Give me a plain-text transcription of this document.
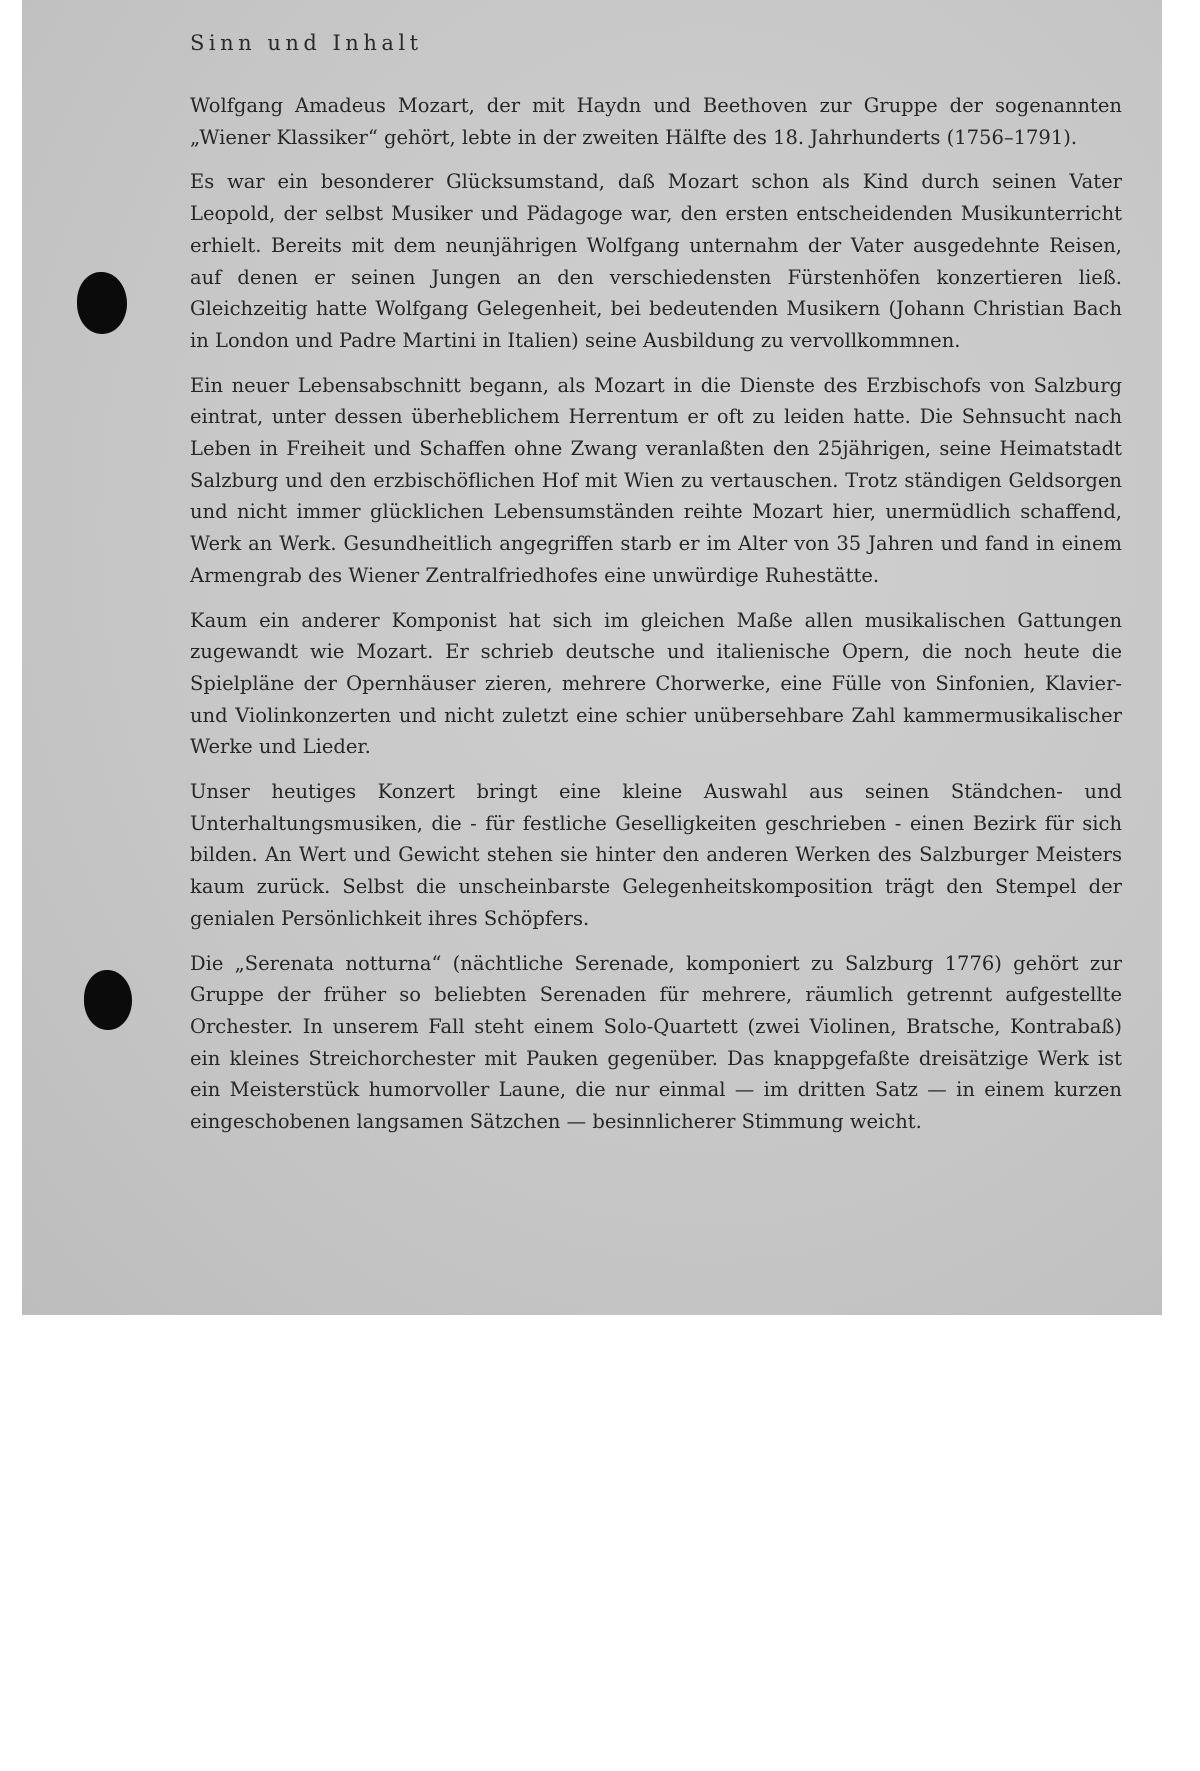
Sinn und Inhalt

Wolfgang Amadeus Mozart, der mit Haydn und Beethoven zur Gruppe der sogenannten „Wiener Klassiker“ gehört, lebte in der zweiten Hälfte des 18. Jahrhunderts (1756–1791).

Es war ein besonderer Glücksumstand, daß Mozart schon als Kind durch seinen Vater Leopold, der selbst Musiker und Pädagoge war, den ersten entscheidenden Musikunterricht erhielt. Bereits mit dem neunjährigen Wolfgang unternahm der Vater ausgedehnte Reisen, auf denen er seinen Jungen an den verschiedensten Fürstenhöfen konzertieren ließ. Gleichzeitig hatte Wolfgang Gelegenheit, bei bedeutenden Musikern (Johann Christian Bach in London und Padre Martini in Italien) seine Ausbildung zu vervollkommnen.

Ein neuer Lebensabschnitt begann, als Mozart in die Dienste des Erzbischofs von Salzburg eintrat, unter dessen überheblichem Herrentum er oft zu leiden hatte. Die Sehnsucht nach Leben in Freiheit und Schaffen ohne Zwang veranlaßten den 25jährigen, seine Heimatstadt Salzburg und den erzbischöflichen Hof mit Wien zu vertauschen. Trotz ständigen Geldsorgen und nicht immer glücklichen Lebensumständen reihte Mozart hier, unermüdlich schaffend, Werk an Werk. Gesundheitlich angegriffen starb er im Alter von 35 Jahren und fand in einem Armengrab des Wiener Zentralfriedhofes eine unwürdige Ruhestätte.

Kaum ein anderer Komponist hat sich im gleichen Maße allen musikalischen Gattungen zugewandt wie Mozart. Er schrieb deutsche und italienische Opern, die noch heute die Spielpläne der Opernhäuser zieren, mehrere Chorwerke, eine Fülle von Sinfonien, Klavier- und Violinkonzerten und nicht zuletzt eine schier unübersehbare Zahl kammermusikalischer Werke und Lieder.

Unser heutiges Konzert bringt eine kleine Auswahl aus seinen Ständchen- und Unterhaltungsmusiken, die - für festliche Geselligkeiten geschrieben - einen Bezirk für sich bilden. An Wert und Gewicht stehen sie hinter den anderen Werken des Salzburger Meisters kaum zurück. Selbst die unscheinbarste Gelegenheitskomposition trägt den Stempel der genialen Persönlichkeit ihres Schöpfers.

Die „Serenata notturna“ (nächtliche Serenade, komponiert zu Salzburg 1776) gehört zur Gruppe der früher so beliebten Serenaden für mehrere, räumlich getrennt aufgestellte Orchester. In unserem Fall steht einem Solo-Quartett (zwei Violinen, Bratsche, Kontrabaß) ein kleines Streichorchester mit Pauken gegenüber. Das knappgefaßte dreisätzige Werk ist ein Meisterstück humorvoller Laune, die nur einmal — im dritten Satz — in einem kurzen eingeschobenen langsamen Sätzchen — besinnlicherer Stimmung weicht.
